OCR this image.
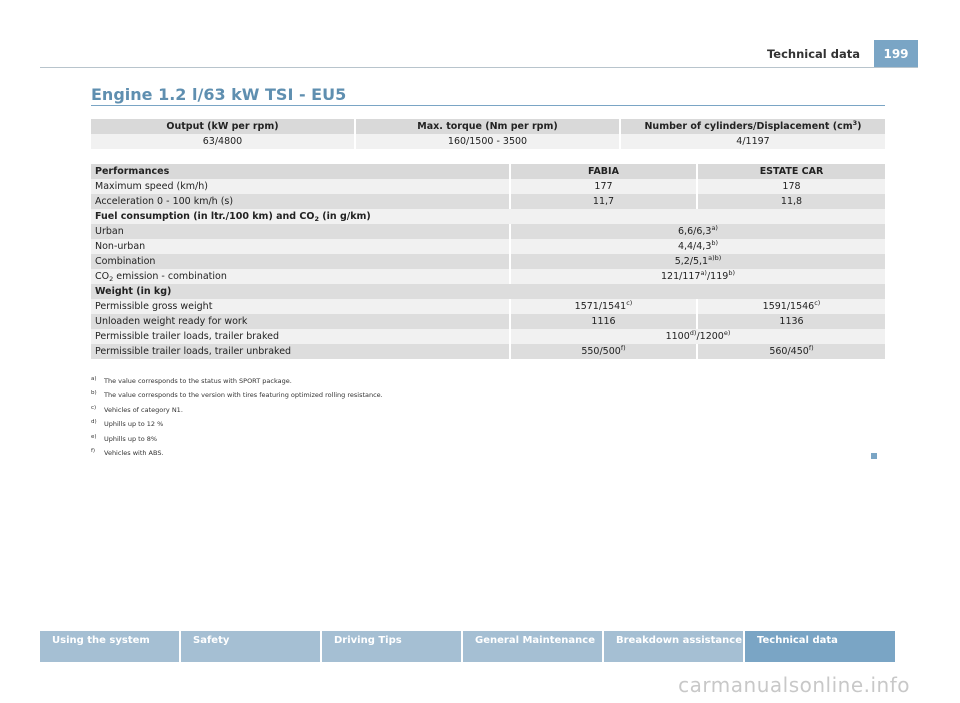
Technical data	199
Engine 1.2 l/63 kW TSI - EU5
Output (kW per rpm)	Max. torque (Nm per rpm)	Number of cylinders/Displacement $(cm^3)$
63/4800	160/1500 - 3500	4/1197
Performances	FABIA	ESTATE CAR
Maximum speed (km/h)	177	178
Acceleration 0 - 100 km/h (s)	11,7	11,8
Fuel consumption (in ltr./100 km) and $CO_2$ (in g/km)		
Urban	6,6/6,3$^{a)}$
Non-urban	4,4/4,3$^{b)}$
Combination	$5,2/5,1^{a)b)}$
$CO_2$ emission - combination	121/117$^{a)}$/119$^{b)}$
Weight (in kg)		
Permissible gross weight	1571/1541$^{c)}$	1591/1546$^{c)}$
Unloaden weight ready for work	1116	1136
Permissible trailer loads, trailer braked	1100$^{d)}$/1200$^{e)}$
Permissible trailer loads, trailer unbraked	550/500$^{f)}$	560/450$^{f)}$
a) The value corresponds to the status with SPORT package.
b) The value corresponds to the version with tires featuring optimized rolling resistance.
c) Vehicles of category N1.
d) Uphills up to 12 %
e) Uphills up to 8%
f) Vehicles with ABS.
Using the system	Safety	Driving Tips	General Maintenance	Breakdown assistance	Technical data
carmanualsonline.info
